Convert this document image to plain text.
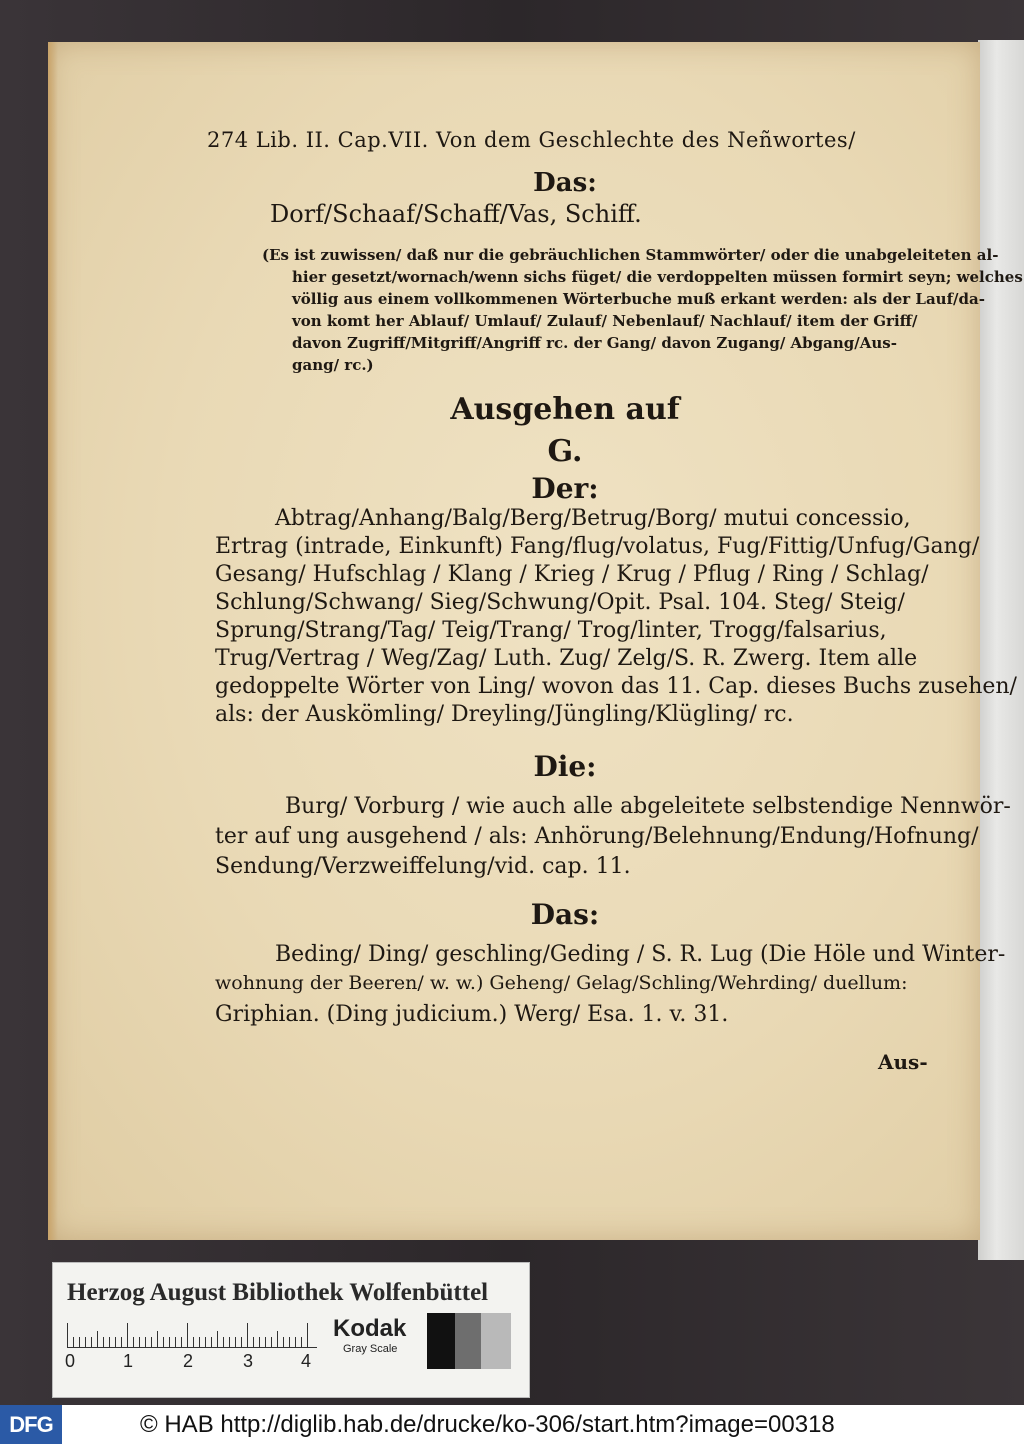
274 Lib. II. Cap.VII. Von dem Geschlechte des Neñwortes/
Das:
Dorf/Schaaf/Schaff/Vas, Schiff.
(Es ist zuwissen/ daß nur die gebräuchlichen Stammwörter/ oder die unabgeleiteten al-
hier gesetzt/wornach/wenn sichs füget/ die verdoppelten müssen formirt seyn; welches
völlig aus einem vollkommenen Wörterbuche muß erkant werden: als der Lauf/da-
von komt her Ablauf/ Umlauf/ Zulauf/ Nebenlauf/ Nachlauf/ item der Griff/
davon Zugriff/Mitgriff/Angriff rc. der Gang/ davon Zugang/ Abgang/Aus-
gang/ rc.)
Ausgehen auf
G.
Der:
Abtrag/Anhang/Balg/Berg/Betrug/Borg/ mutui concessio,
Ertrag (intrade, Einkunft) Fang/flug/volatus, Fug/Fittig/Unfug/Gang/
Gesang/ Hufschlag / Klang / Krieg / Krug / Pflug / Ring / Schlag/
Schlung/Schwang/ Sieg/Schwung/Opit. Psal. 104. Steg/ Steig/
Sprung/Strang/Tag/ Teig/Trang/ Trog/linter, Trogg/falsarius,
Trug/Vertrag / Weg/Zag/ Luth. Zug/ Zelg/S. R. Zwerg. Item alle
gedoppelte Wörter von Ling/ wovon das 11. Cap. dieses Buchs zusehen/
als: der Auskömling/ Dreyling/Jüngling/Klügling/ rc.
Die:
Burg/ Vorburg / wie auch alle abgeleitete selbstendige Nennwör-
ter auf ung ausgehend / als: Anhörung/Belehnung/Endung/Hofnung/
Sendung/Verzweiffelung/vid. cap. 11.
Das:
Beding/ Ding/ geschling/Geding / S. R. Lug (Die Höle und Winter-
wohnung der Beeren/ w. w.) Geheng/ Gelag/Schling/Wehrding/ duellum:
Griphian. (Ding judicium.) Werg/ Esa. 1. v. 31.
Aus-
Herzog August Bibliothek Wolfenbüttel
0	1	2	3	4
Kodak
Gray Scale
DFG	© HAB http://diglib.hab.de/drucke/ko-306/start.htm?image=00318
